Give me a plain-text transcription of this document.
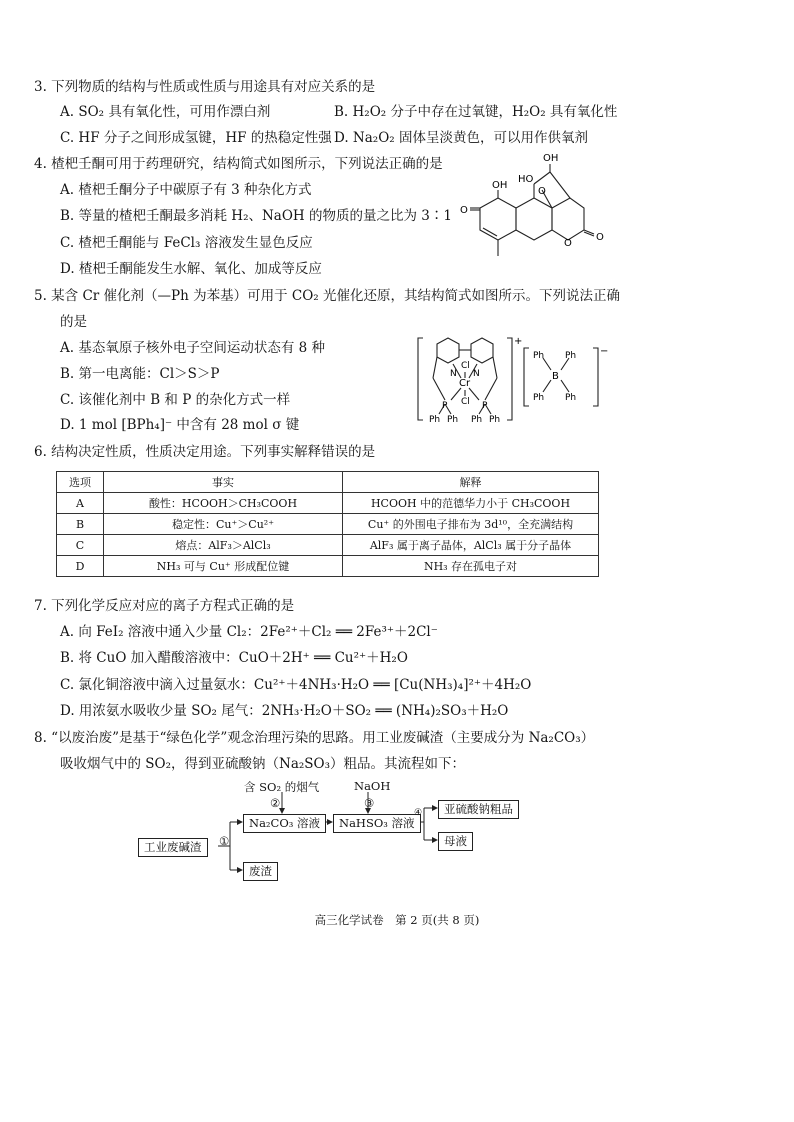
3. 下列物质的结构与性质或性质与用途具有对应关系的是
A. SO₂ 具有氧化性，可用作漂白剂	B. H₂O₂ 分子中存在过氧键，H₂O₂ 具有氧化性
C. HF 分子之间形成氢键，HF 的热稳定性强 D. Na₂O₂ 固体呈淡黄色，可以用作供氧剂
4. 楂杷壬酮可用于药理研究，结构简式如图所示，下列说法正确的是
A. 楂杷壬酮分子中碳原子有 3 种杂化方式
B. 等量的楂杷壬酮最多消耗 H₂、NaOH 的物质的量之比为 3∶1
C. 楂杷壬酮能与 FeCl₃ 溶液发生显色反应
D. 楂杷壬酮能发生水解、氧化、加成等反应
OH
HO
OH
O
O
O
O
5. 某含 Cr 催化剂（—Ph 为苯基）可用于 CO₂ 光催化还原，其结构简式如图所示。下列说法正确
的是
A. 基态氧原子核外电子空间运动状态有 8 种
B. 第一电离能：Cl＞S＞P
C. 该催化剂中 B 和 P 的杂化方式一样
D. 1 mol [BPh₄]⁻ 中含有 28 mol σ 键
Cl
Cr
Cl
N N
P	P
Ph Ph Ph Ph
+
B
Ph Ph
Ph Ph
−
6. 结构决定性质，性质决定用途。下列事实解释错误的是
选项	事实	解释
A	酸性：HCOOH＞CH₃COOH	HCOOH 中的范德华力小于 CH₃COOH
B	稳定性：Cu⁺＞Cu²⁺	Cu⁺ 的外围电子排布为 3d¹⁰，全充满结构
C	熔点：AlF₃＞AlCl₃	AlF₃ 属于离子晶体，AlCl₃ 属于分子晶体
D	NH₃ 可与 Cu⁺ 形成配位键	NH₃ 存在孤电子对
7. 下列化学反应对应的离子方程式正确的是
A. 向 FeI₂ 溶液中通入少量 Cl₂：2Fe²⁺＋Cl₂ ══ 2Fe³⁺＋2Cl⁻
B. 将 CuO 加入醋酸溶液中：CuO＋2H⁺ ══ Cu²⁺＋H₂O
C. 氯化铜溶液中滴入过量氨水：Cu²⁺＋4NH₃·H₂O ══ [Cu(NH₃)₄]²⁺＋4H₂O
D. 用浓氨水吸收少量 SO₂ 尾气：2NH₃·H₂O＋SO₂ ══ (NH₄)₂SO₃＋H₂O
8. “以废治废”是基于“绿色化学”观念治理污染的思路。用工业废碱渣（主要成分为 Na₂CO₃）
吸收烟气中的 SO₂，得到亚硫酸钠（Na₂SO₃）粗品。其流程如下：
工业废碱渣	①
Na₂CO₃ 溶液
含 SO₂ 的烟气
②
NaHSO₃ 溶液
NaOH
③
④	亚硫酸钠粗品
母液
废渣
高三化学试卷　第 2 页(共 8 页)
